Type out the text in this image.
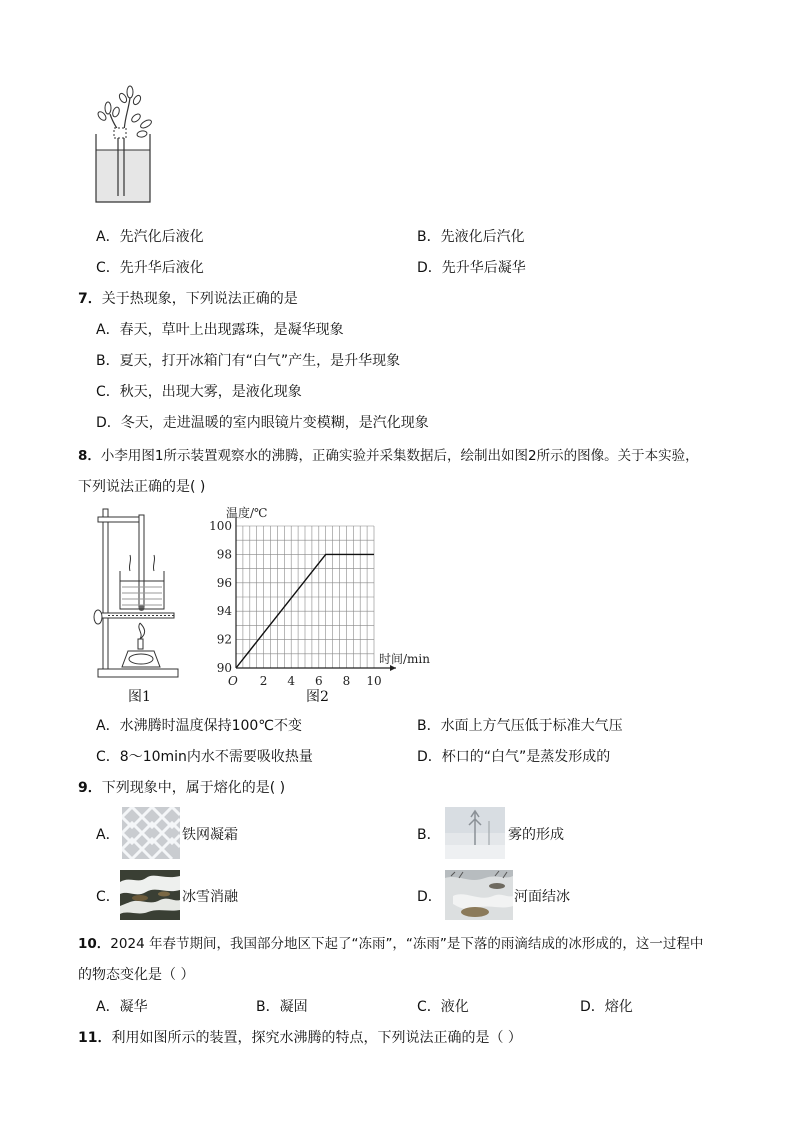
A．先汽化后液化	B．先液化后汽化
C．先升华后液化	D．先升华后凝华
7．关于热现象，下列说法正确的是
A．春天，草叶上出现露珠，是凝华现象
B．夏天，打开冰箱门有“白气”产生，是升华现象
C．秋天，出现大雾，是液化现象
D．冬天，走进温暖的室内眼镜片变模糊，是汽化现象
8．小李用图1所示装置观察水的沸腾，正确实验并采集数据后，绘制出如图2所示的图像。关于本实验，
下列说法正确的是( )
图1
2 4 6 8 10
90
92
94
96
98
100
温度/℃
时间/min
O
图2
A．水沸腾时温度保持100℃不变	B．水面上方气压低于标准大气压
C．8～10min内水不需要吸收热量	D．杯口的“白气”是蒸发形成的
9．下列现象中，属于熔化的是( )
A．	铁网凝霜	B．	雾的形成
C．	冰雪消融	D．	河面结冰
10．2024 年春节期间，我国部分地区下起了“冻雨”，“冻雨”是下落的雨滴结成的冰形成的，这一过程中
的物态变化是（ ）
A．凝华	B．凝固	C．液化	D．熔化
11．利用如图所示的装置，探究水沸腾的特点，下列说法正确的是（ ）
